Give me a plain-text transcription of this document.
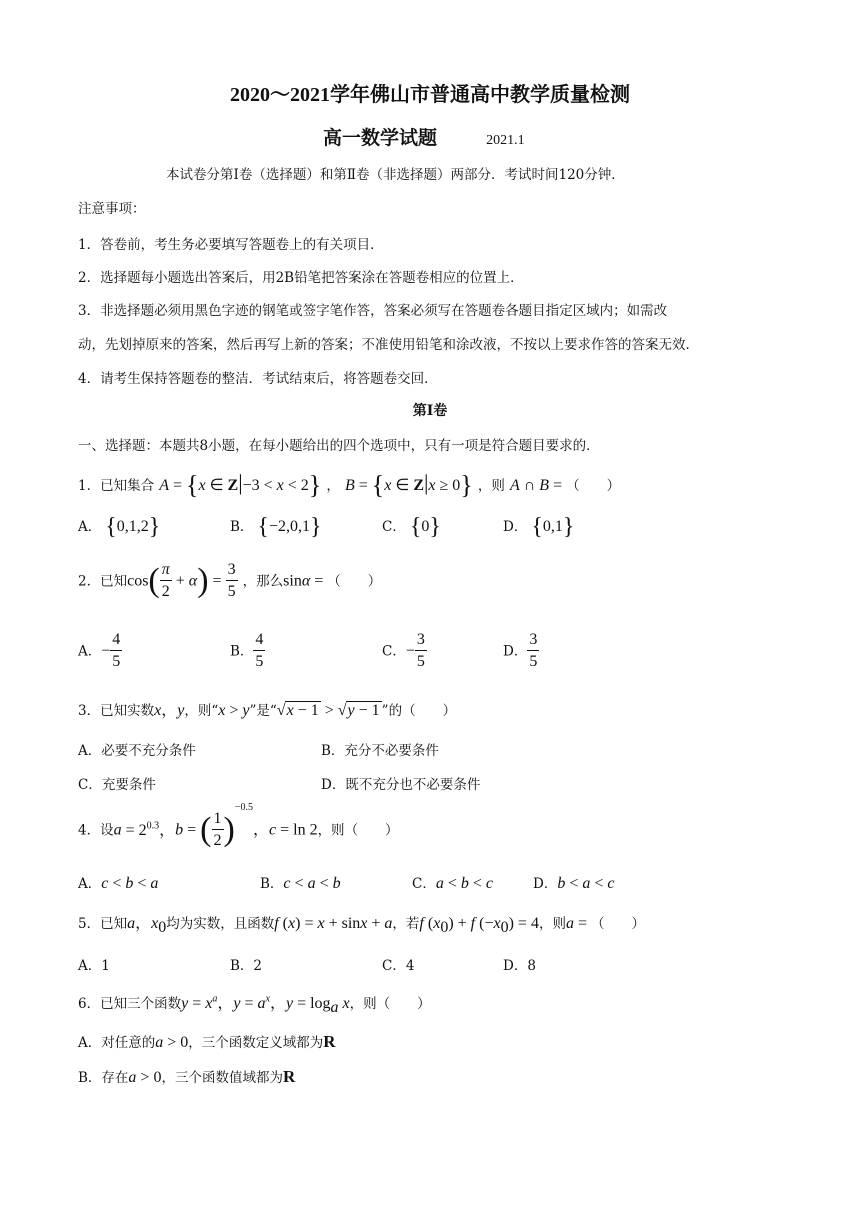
2020～2021学年佛山市普通高中教学质量检测
高一数学试题	2021.1
本试卷分第Ⅰ卷（选择题）和第Ⅱ卷（非选择题）两部分．考试时间120分钟．
注意事项：
1．答卷前，考生务必要填写答题卷上的有关项目．
2．选择题每小题选出答案后，用2B铅笔把答案涂在答题卷相应的位置上．
3．非选择题必须用黑色字迹的钢笔或签字笔作答，答案必须写在答题卷各题目指定区域内；如需改
动，先划掉原来的答案，然后再写上新的答案；不准使用铅笔和涂改液，不按以上要求作答的答案无效．
4．请考生保持答题卷的整洁．考试结束后，将答题卷交回．
第Ⅰ卷
一、选择题：本题共8小题，在每小题给出的四个选项中，只有一项是符合题目要求的．
1．已知集合 A = {x ∈ Z|−3 < x < 2} ， B = {x ∈ Z|x ≥ 0} ，则 A ∩ B = （　　）
A． {0,1,2}	B． {−2,0,1}	C． {0}	D． {0,1}
2．已知$\cos( \frac{\pi}{2} + \alpha) = \frac{3}{5}$ ，那么sinα = （　　）
A．− $\frac{4}{5}$	B． $\frac{4}{5}$	C．− $\frac{3}{5}$	D． $\frac{3}{5}$
3．已知实数x，y，则“x > y”是“√x − 1 > √y − 1 ”的（　　）
A．必要不充分条件	B．充分不必要条件
C．充要条件	D．既不充分也不必要条件
4．设$a = 2^{0.3}$，b = ( $\frac{1}{2} )^{-0.5}$，c = ln 2，则（　　）
A．c < b < a	B．c < a < b	C．a < b < c	D．b < a < c
5．已知a，$x_0$均为实数，且函数f (x) = x + sinx + a，若f $(x_0) + f$ $(-x_0) = 4$，则a = （　　）
A．1	B．2	C．4	D．8
6．已知三个函数$y = x^a$，$y = a^x$，$y = \log_a x$，则（　　）
A．对任意的a > 0，三个函数定义域都为R
B．存在a > 0，三个函数值域都为R
